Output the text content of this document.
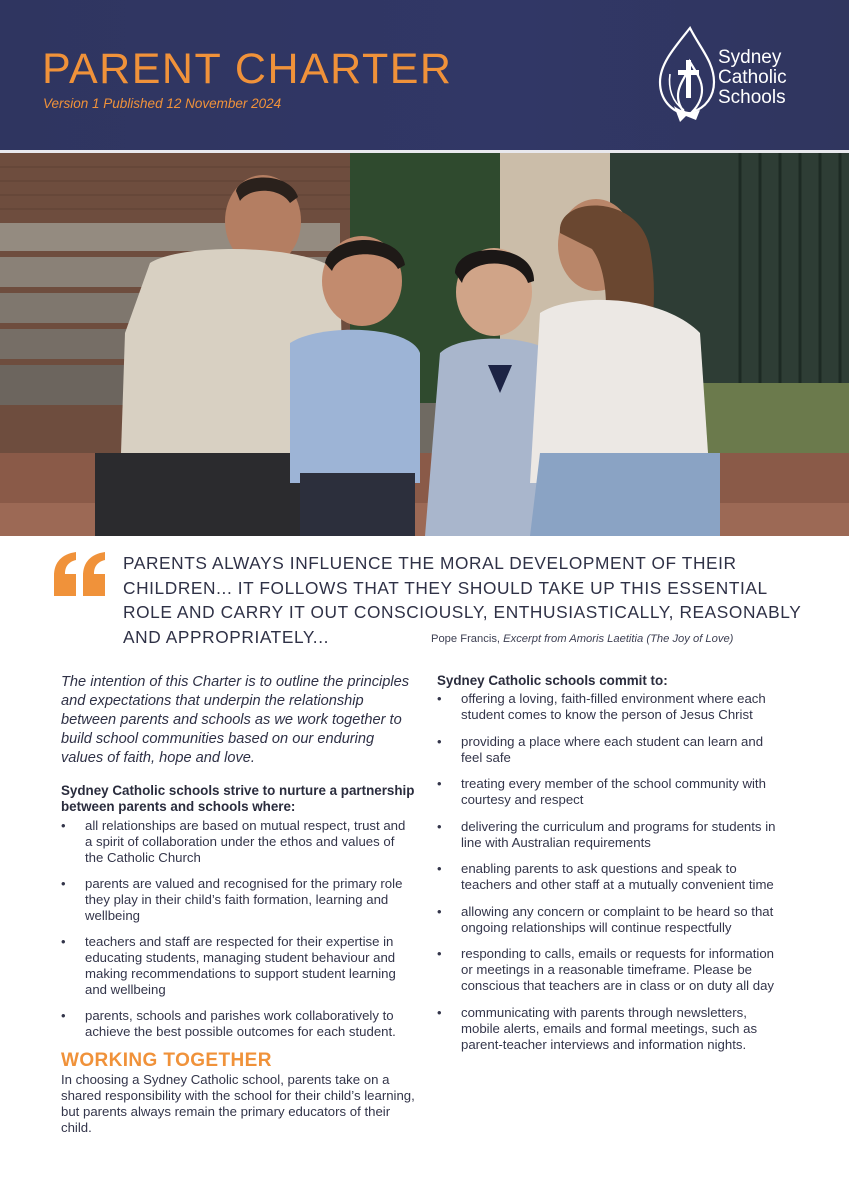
PARENT CHARTER
Version 1 Published 12 November 2024
Sydney
Catholic
Schools
PARENTS ALWAYS INFLUENCE THE MORAL DEVELOPMENT OF THEIR CHILDREN... IT FOLLOWS THAT THEY SHOULD TAKE UP THIS ESSENTIAL ROLE AND CARRY IT OUT CONSCIOUSLY, ENTHUSIASTICALLY, REASONABLY AND APPROPRIATELY...	Pope Francis, Excerpt from Amoris Laetitia (The Joy of Love)

The intention of this Charter is to outline the principles and expectations that underpin the relationship between parents and schools as we work together to build school communities based on our enduring values of faith, hope and love.

Sydney Catholic schools strive to nurture a partnership between parents and schools where:

• all relationships are based on mutual respect, trust and a spirit of collaboration under the ethos and values of the Catholic Church
• parents are valued and recognised for the primary role they play in their child’s faith formation, learning and wellbeing
• teachers and staff are respected for their expertise in educating students, managing student behaviour and making recommendations to support student learning and wellbeing
• parents, schools and parishes work collaboratively to achieve the best possible outcomes for each student.
WORKING TOGETHER

In choosing a Sydney Catholic school, parents take on a shared responsibility with the school for their child’s learning, but parents always remain the primary educators of their child.

Sydney Catholic schools commit to:

• offering a loving, faith-filled environment where each student comes to know the person of Jesus Christ
• providing a place where each student can learn and feel safe
• treating every member of the school community with courtesy and respect
• delivering the curriculum and programs for students in line with Australian requirements
• enabling parents to ask questions and speak to teachers and other staff at a mutually convenient time
• allowing any concern or complaint to be heard so that ongoing relationships will continue respectfully
• responding to calls, emails or requests for information or meetings in a reasonable timeframe. Please be conscious that teachers are in class or on duty all day
• communicating with parents through newsletters, mobile alerts, emails and formal meetings, such as parent-teacher interviews and information nights.
